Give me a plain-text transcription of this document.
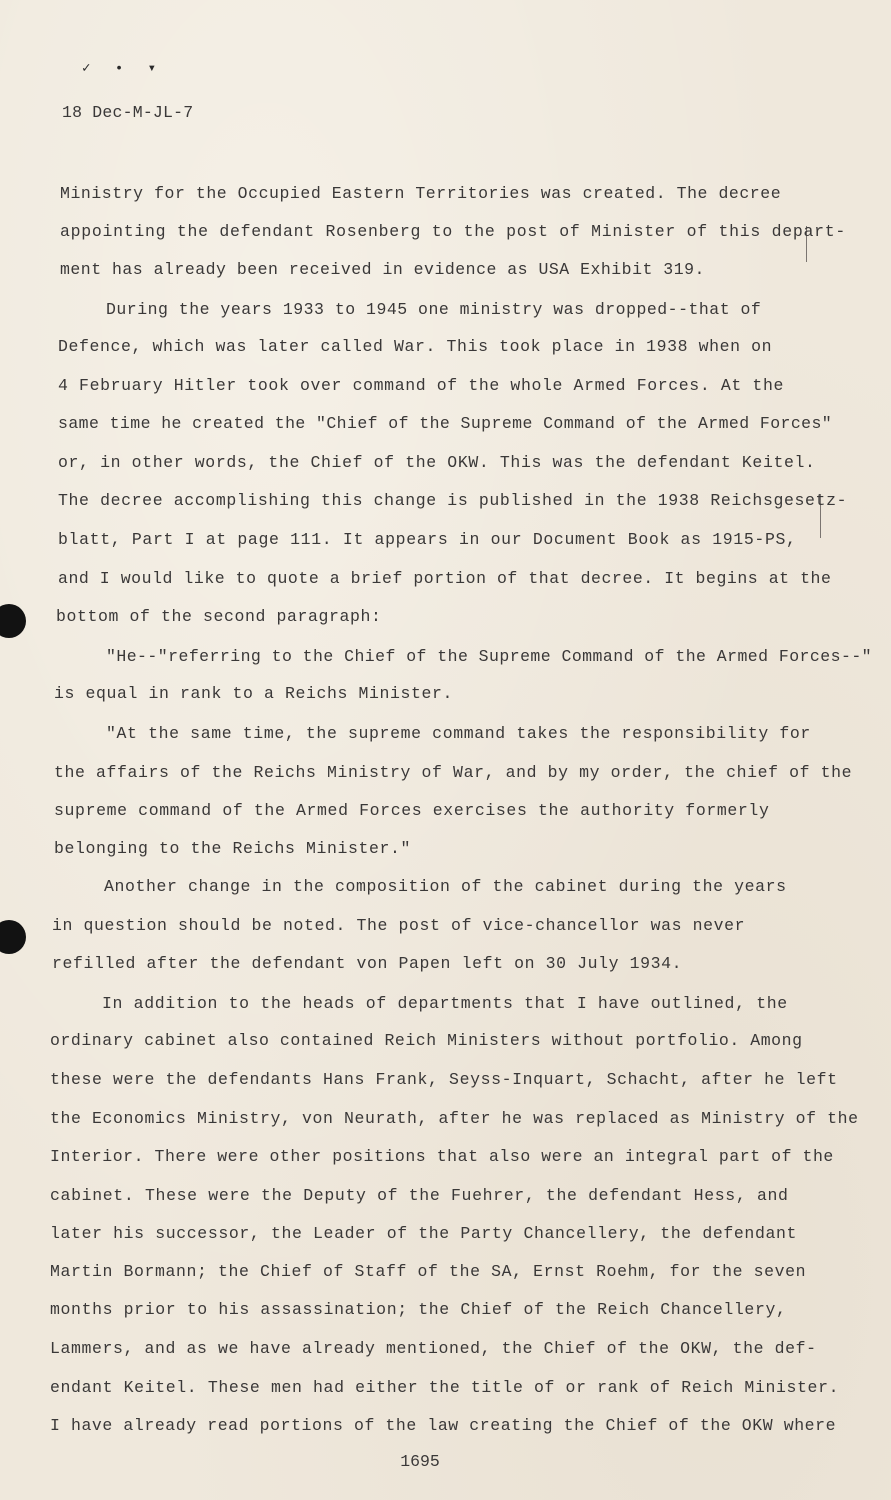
✓ • ▾
18 Dec-M-JL-7
Ministry for the Occupied Eastern Territories was created. The decree
appointing the defendant Rosenberg to the post of Minister of this depart-
ment has already been received in evidence as USA Exhibit 319.
During the years 1933 to 1945 one ministry was dropped--that of
Defence, which was later called War. This took place in 1938 when on
4 February Hitler took over command of the whole Armed Forces. At the
same time he created the "Chief of the Supreme Command of the Armed Forces"
or, in other words, the Chief of the OKW. This was the defendant Keitel.
The decree accomplishing this change is published in the 1938 Reichsgesetz-
blatt, Part I at page 111. It appears in our Document Book as 1915-PS,
and I would like to quote a brief portion of that decree. It begins at the
bottom of the second paragraph:
"He--"referring to the Chief of the Supreme Command of the Armed Forces--"
is equal in rank to a Reichs Minister.
"At the same time, the supreme command takes the responsibility for
the affairs of the Reichs Ministry of War, and by my order, the chief of the
supreme command of the Armed Forces exercises the authority formerly
belonging to the Reichs Minister."
Another change in the composition of the cabinet during the years
in question should be noted. The post of vice-chancellor was never
refilled after the defendant von Papen left on 30 July 1934.
In addition to the heads of departments that I have outlined, the
ordinary cabinet also contained Reich Ministers without portfolio. Among
these were the defendants Hans Frank, Seyss-Inquart, Schacht, after he left
the Economics Ministry, von Neurath, after he was replaced as Ministry of the
Interior. There were other positions that also were an integral part of the
cabinet. These were the Deputy of the Fuehrer, the defendant Hess, and
later his successor, the Leader of the Party Chancellery, the defendant
Martin Bormann; the Chief of Staff of the SA, Ernst Roehm, for the seven
months prior to his assassination; the Chief of the Reich Chancellery,
Lammers, and as we have already mentioned, the Chief of the OKW, the def-
endant Keitel. These men had either the title of or rank of Reich Minister.
I have already read portions of the law creating the Chief of the OKW where
1695
